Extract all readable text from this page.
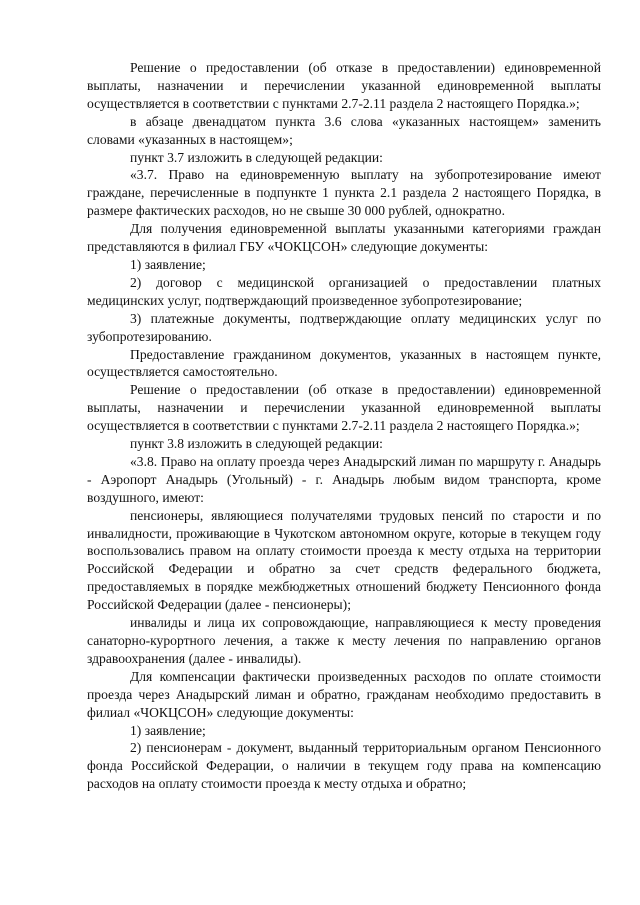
Решение о предоставлении (об отказе в предоставлении) единовременной выплаты, назначении и перечислении указанной единовременной выплаты осуществляется в соответствии с пунктами 2.7-2.11 раздела 2 настоящего Порядка.»;

в абзаце двенадцатом пункта 3.6 слова «указанных настоящем» заменить словами «указанных в настоящем»;

пункт 3.7 изложить в следующей редакции:

«3.7. Право на единовременную выплату на зубопротезирование имеют граждане, перечисленные в подпункте 1 пункта 2.1 раздела 2 настоящего Порядка, в размере фактических расходов, но не свыше 30 000 рублей, однократно.

Для получения единовременной выплаты указанными категориями граждан представляются в филиал ГБУ «ЧОКЦСОН» следующие документы:

1) заявление;

2) договор с медицинской организацией о предоставлении платных медицинских услуг, подтверждающий произведенное зубопротезирование;

3) платежные документы, подтверждающие оплату медицинских услуг по зубопротезированию.

Предоставление гражданином документов, указанных в настоящем пункте, осуществляется самостоятельно.

Решение о предоставлении (об отказе в предоставлении) единовременной выплаты, назначении и перечислении указанной единовременной выплаты осуществляется в соответствии с пунктами 2.7-2.11 раздела 2 настоящего Порядка.»;

пункт 3.8 изложить в следующей редакции:

«3.8. Право на оплату проезда через Анадырский лиман по маршруту г. Анадырь - Аэропорт Анадырь (Угольный) - г. Анадырь любым видом транспорта, кроме воздушного, имеют:

пенсионеры, являющиеся получателями трудовых пенсий по старости и по инвалидности, проживающие в Чукотском автономном округе, которые в текущем году воспользовались правом на оплату стоимости проезда к месту отдыха на территории Российской Федерации и обратно за счет средств федерального бюджета, предоставляемых в порядке межбюджетных отношений бюджету Пенсионного фонда Российской Федерации (далее - пенсионеры);

инвалиды и лица их сопровождающие, направляющиеся к месту проведения санаторно-курортного лечения, а также к месту лечения по направлению органов здравоохранения (далее - инвалиды).

Для компенсации фактически произведенных расходов по оплате стоимости проезда через Анадырский лиман и обратно, гражданам необходимо предоставить в филиал «ЧОКЦСОН» следующие документы:

1) заявление;

2) пенсионерам - документ, выданный территориальным органом Пенсионного фонда Российской Федерации, о наличии в текущем году права на компенсацию расходов на оплату стоимости проезда к месту отдыха и обратно;
